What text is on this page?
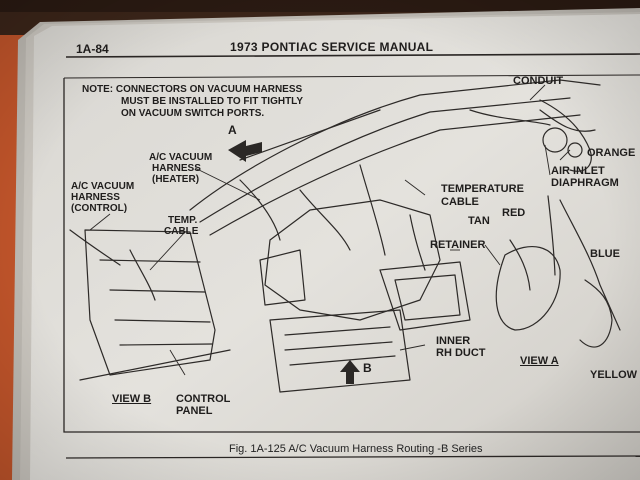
1A-84	1973 PONTIAC SERVICE MANUAL
NOTE: CONNECTORS ON VACUUM HARNESS
MUST BE INSTALLED TO FIT TIGHTLY
ON VACUUM SWITCH PORTS.
CONDUIT
A
A/C VACUUM
HARNESS
(HEATER)
A/C VACUUM
HARNESS
(CONTROL)
TEMP.
CABLE
TEMPERATURE
CABLE
ORANGE
AIR INLET
DIAPHRAGM
TAN
RED
RETAINER
BLUE
INNER
RH DUCT
B	VIEW A
VIEW B CONTROL
PANEL
YELLOW
Fig. 1A-125 A/C Vacuum Harness Routing -B Series
